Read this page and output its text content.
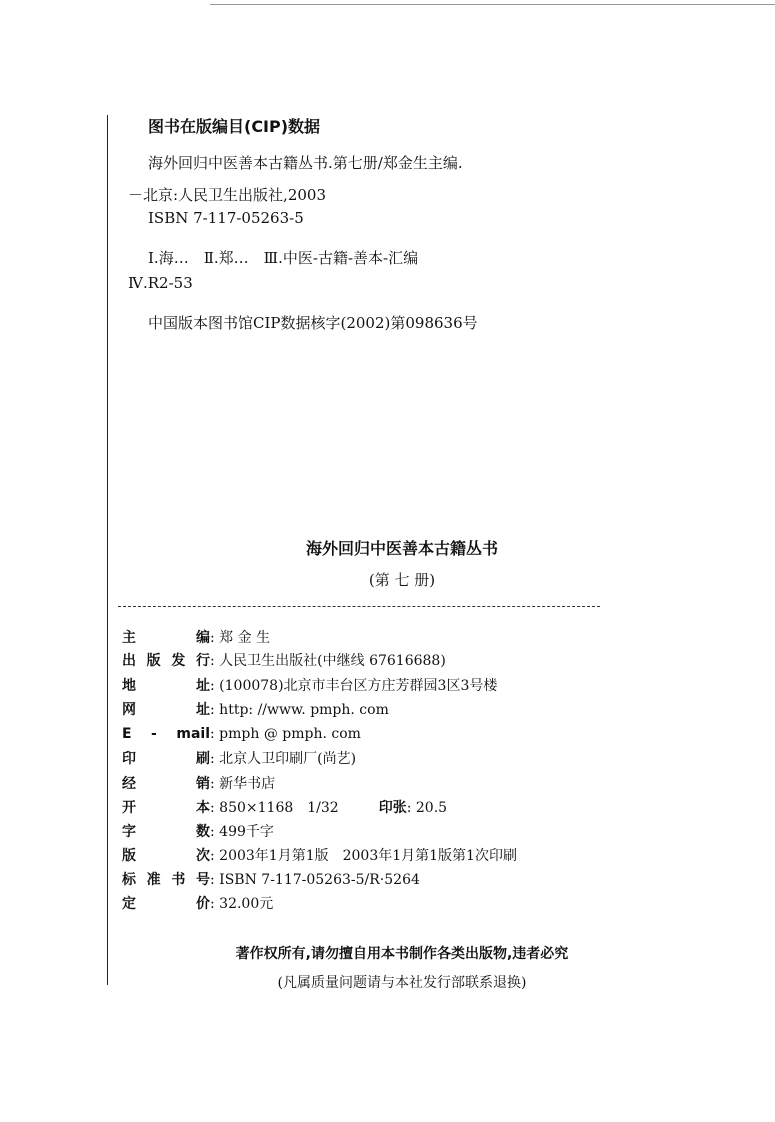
图书在版编目(CIP)数据
海外回归中医善本古籍丛书.第七册/郑金生主编.
－北京:人民卫生出版社,2003
ISBN 7-117-05263-5
Ⅰ.海…　Ⅱ.郑…　Ⅲ.中医-古籍-善本-汇编
Ⅳ.R2-53
中国版本图书馆CIP数据核字(2002)第098636号
海外回归中医善本古籍丛书
(第 七 册)
主编: 郑 金 生
出版发行: 人民卫生出版社(中继线 67616688)
地址: (100078)北京市丰台区方庄芳群园3区3号楼
网址: http: //www. pmph. com
E - mail: pmph @ pmph. com
印刷: 北京人卫印刷厂(尚艺)
经销: 新华书店
开本: 850×1168　1/32	印张: 20.5
字数: 499千字
版次: 2003年1月第1版　2003年1月第1版第1次印刷
标准书号: ISBN 7-117-05263-5/R·5264
定价: 32.00元
著作权所有,请勿擅自用本书制作各类出版物,违者必究
(凡属质量问题请与本社发行部联系退换)
